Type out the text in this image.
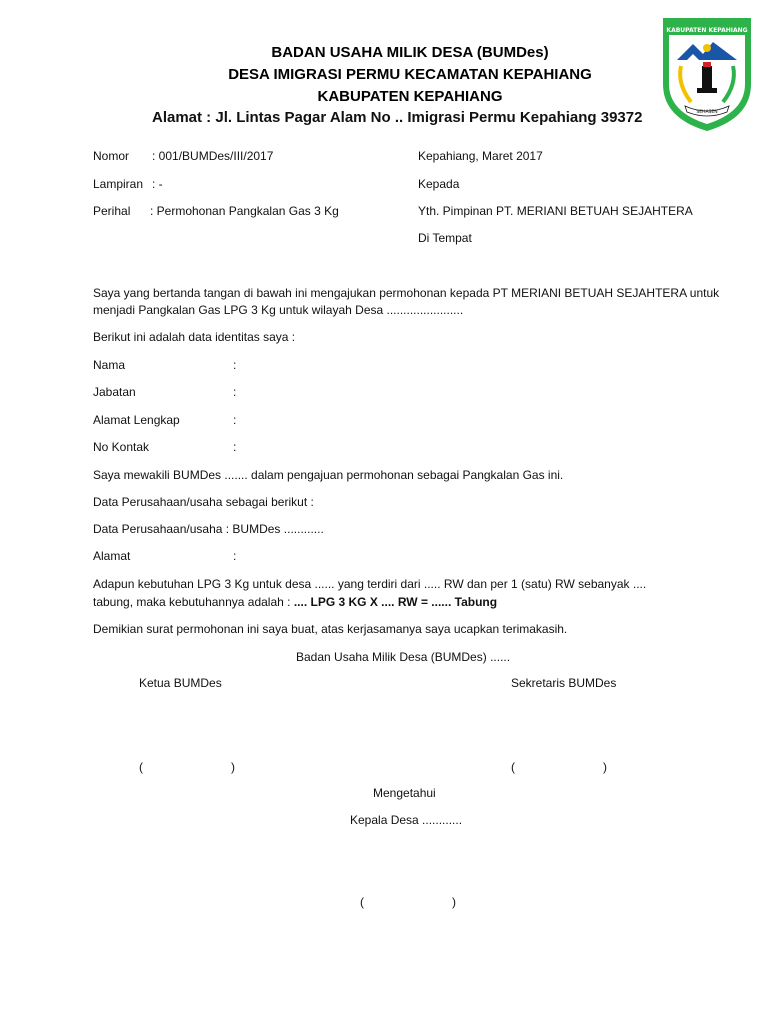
BADAN USAHA MILIK DESA (BUMDes)
DESA IMIGRASI PERMU KECAMATAN KEPAHIANG
KABUPATEN KEPAHIANG
Alamat : Jl. Lintas Pagar Alam No .. Imigrasi Permu Kepahiang 39372
KABUPATEN KEPAHIANG
SEHASEN
Nomor : 001/BUMDes/III/2017
Lampiran : -
Perihal : Permohonan Pangkalan Gas 3 Kg
Kepahiang, Maret 2017
Kepada
Yth. Pimpinan PT. MERIANI BETUAH SEJAHTERA
Di Tempat
Saya yang bertanda tangan di bawah ini mengajukan permohonan kepada PT MERIANI BETUAH SEJAHTERA untuk menjadi Pangkalan Gas LPG 3 Kg untuk wilayah Desa .......................
Berikut ini adalah data identitas saya :
Nama	:
Jabatan	:
Alamat Lengkap	:
No Kontak	:
Saya mewakili BUMDes ....... dalam pengajuan permohonan sebagai Pangkalan Gas ini.
Data Perusahaan/usaha sebagai berikut :
Data Perusahaan/usaha : BUMDes ............
Alamat	:
Adapun kebutuhan LPG 3 Kg untuk desa ...... yang terdiri dari ..... RW dan per 1 (satu) RW sebanyak ....
tabung, maka kebutuhannya adalah : .... LPG 3 KG X .... RW = ...... Tabung
Demikian surat permohonan ini saya buat, atas kerjasamanya saya ucapkan terimakasih.
Badan Usaha Milik Desa (BUMDes) ......
Ketua BUMDes	Sekretaris BUMDes
(	)	(	)
Mengetahui
Kepala Desa ............
(	)
